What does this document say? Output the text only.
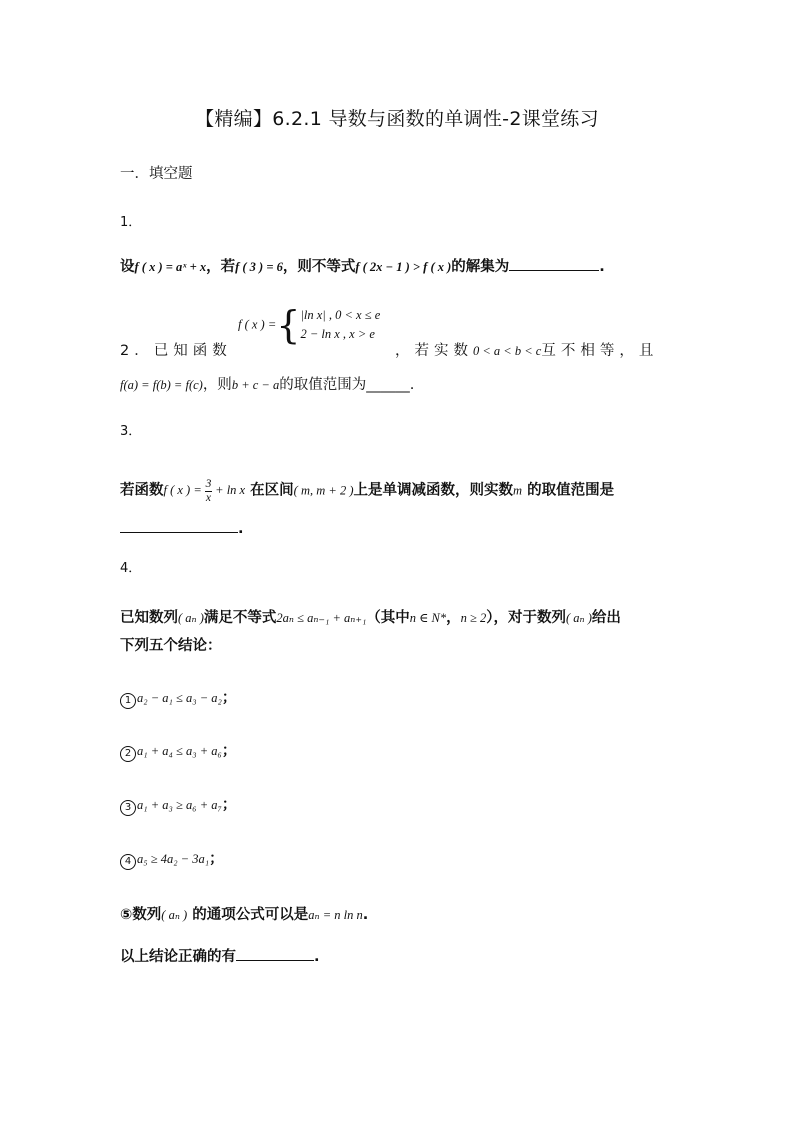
【精编】6.2.1 导数与函数的单调性-2课堂练习
一．填空题
1．
设f ( x ) = aˣ + x，若f ( 3 ) = 6，则不等式f ( 2x − 1 ) > f ( x )的解集为	.
2．已知函数
f ( x ) ={ |ln x| , 0 < x ≤ e
2 − ln x , x > e
，若实数0 < a < b < c互不相等，且
f(a) = f(b) = f(c)，则b + c − a的取值范围为______.
3．
若函数f ( x ) = $\frac{3}{x} + \ln x$ 在区间( m, m + 2 )上是单调减函数，则实数m 的取值范围是
.
4．
已知数列( aₙ )满足不等式2aₙ ≤ aₙ₋₁ + aₙ₊₁（其中n ∈ N*，n ≥ 2），对于数列( aₙ )给出
下列五个结论：
1 a₂ − a₁ ≤ a₃ − a₂；
2 a₁ + a₄ ≤ a₃ + a₆；
3 a₁ + a₃ ≥ a₆ + a₇；
4 a₅ ≥ 4a₂ − 3a₁；
⑤数列( aₙ ) 的通项公式可以是aₙ = n ln n.
以上结论正确的有	.
